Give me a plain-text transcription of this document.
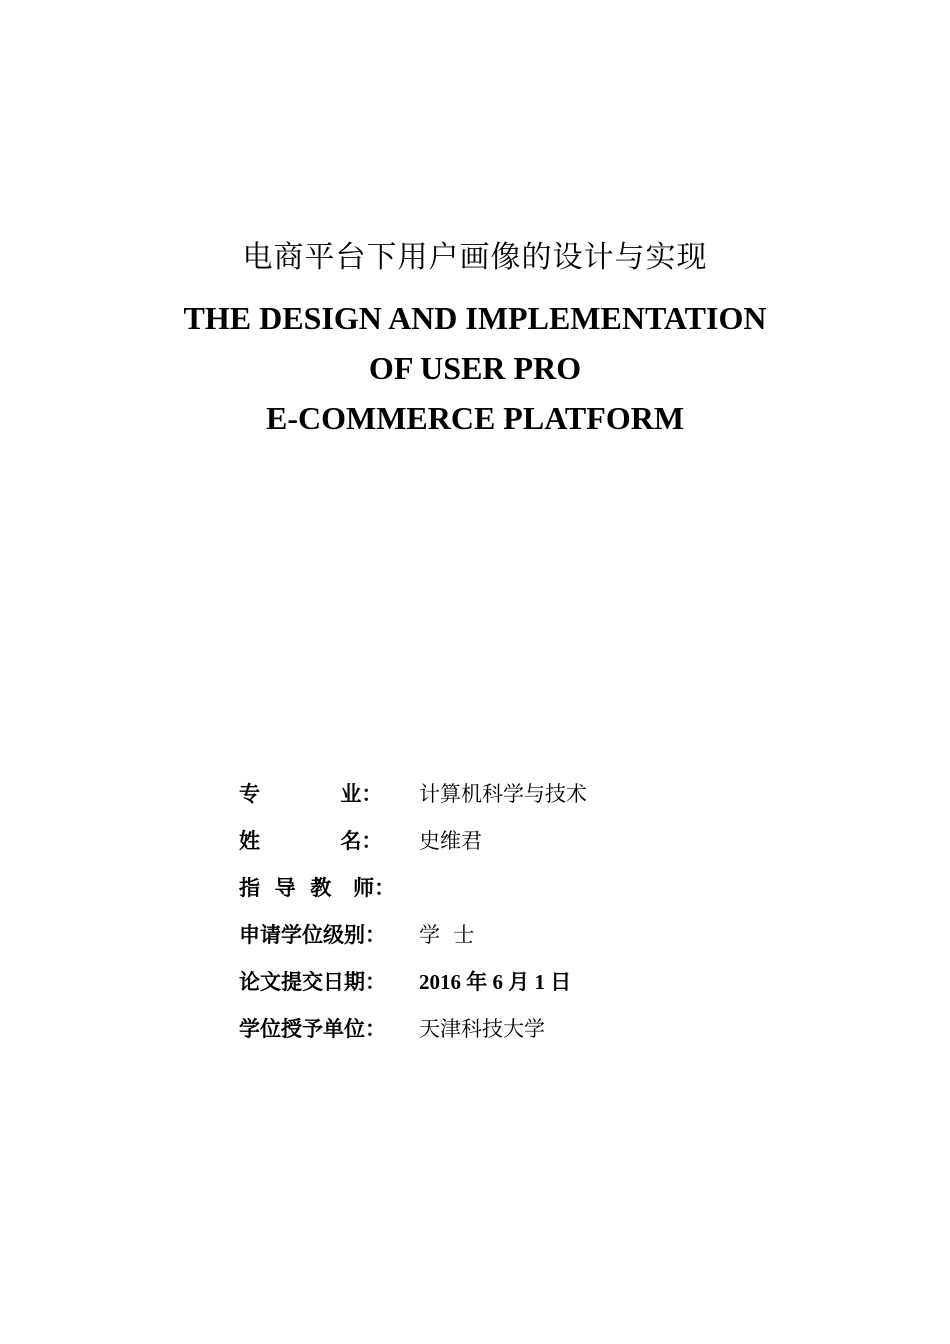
电商平台下用户画像的设计与实现
THE DESIGN AND IMPLEMENTATION
OF USER PRO
E-COMMERCE PLATFORM
专           业：	计算机科学与技术
姓           名：	史维君
指  导  教   师：
申请学位级别：	学  士
论文提交日期：	2016 年 6 月 1 日
学位授予单位：	天津科技大学
